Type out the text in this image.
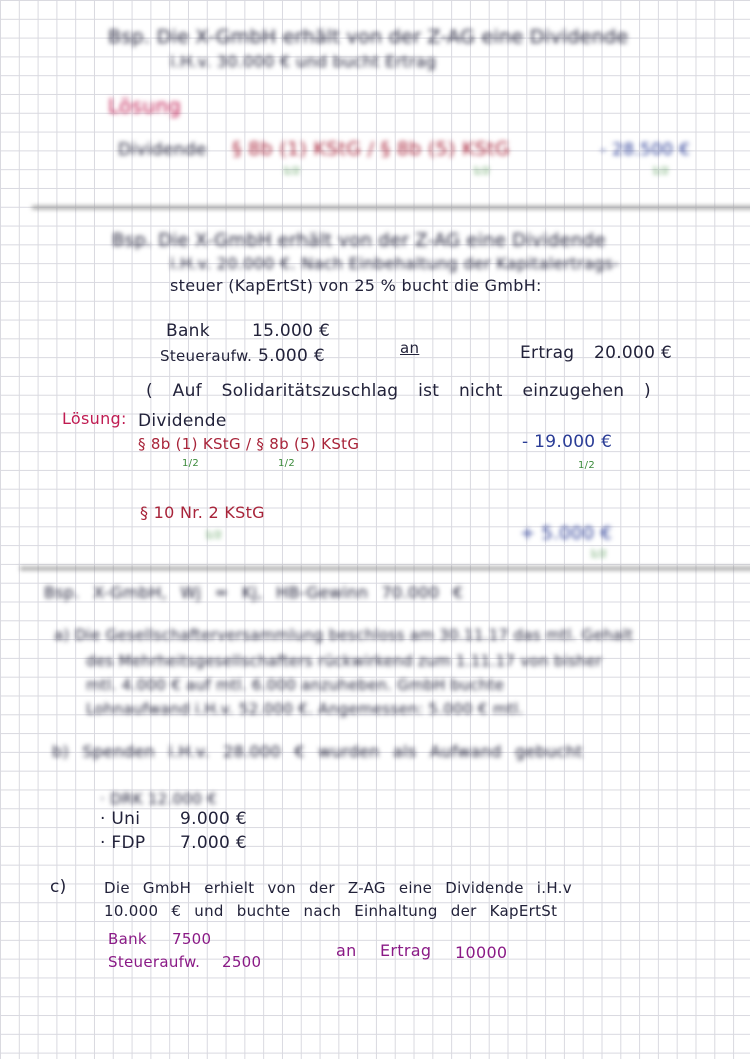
Bsp. Die X-GmbH erhält von der Z-AG eine Dividende
i.H.v. 30.000 € und bucht Ertrag
Lösung
Dividende § 8b (1) KStG / § 8b (5) KStG	- 28.500 €
1/2	1/2	1/2
Bsp. Die X-GmbH erhält von der Z-AG eine Dividende
i.H.v. 20.000 €. Nach Einbehaltung der Kapitalertrags-
steuer (KapErtSt) von 25 % bucht die GmbH:
Bank 15.000 €
Steueraufw. 5.000 €	an	Ertrag 20.000 €
( Auf Solidaritätszuschlag ist nicht einzugehen )
Lösung: Dividende
§ 8b (1) KStG / § 8b (5) KStG	- 19.000 €
1/2	1/2	1/2
§ 10 Nr. 2 KStG
1/2	+ 5.000 €
1/2
Bsp. X-GmbH, Wj = Kj, HB-Gewinn 70.000 €
a) Die Gesellschafterversammlung beschloss am 30.11.17 das mtl. Gehalt
des Mehrheitsgesellschafters rückwirkend zum 1.11.17 von bisher
mtl. 4.000 € auf mtl. 6.000 anzuheben. GmbH buchte
Lohnaufwand i.H.v. 52.000 €. Angemessen: 5.000 € mtl.
b) Spenden i.H.v. 28.000 € wurden als Aufwand gebucht
· DRK 12.000 €
· Uni 9.000 €
· FDP 7.000 €
c) Die GmbH erhielt von der Z-AG eine Dividende i.H.v
10.000 € und buchte nach Einhaltung der KapErtSt
Bank 7500
Steueraufw. 2500
an Ertrag 10000
